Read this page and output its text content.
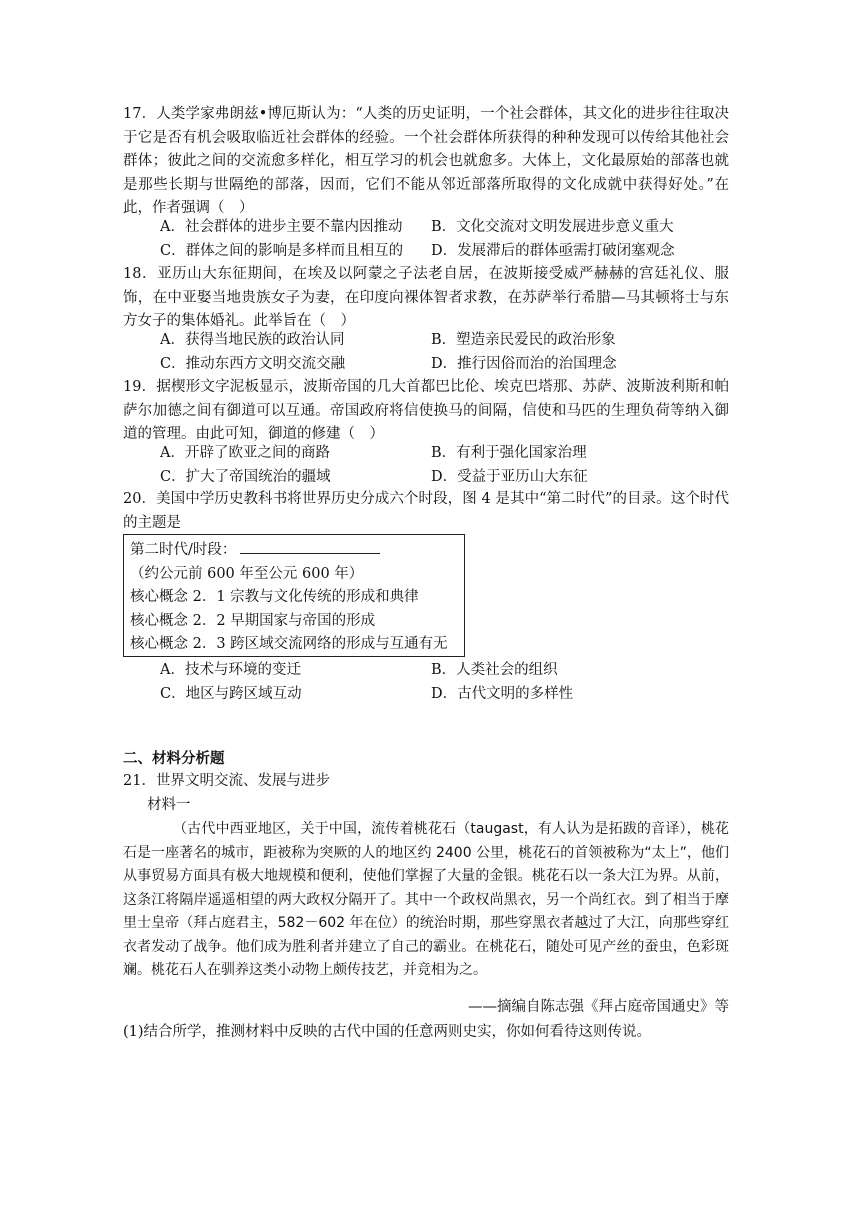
17．人类学家弗朗兹•博厄斯认为：“人类的历史证明，一个社会群体，其文化的进步往往取决于它是否有机会吸取临近社会群体的经验。一个社会群体所获得的种种发现可以传给其他社会群体；彼此之间的交流愈多样化，相互学习的机会也就愈多。大体上，文化最原始的部落也就是那些长期与世隔绝的部落，因而，它们不能从邻近部落所取得的文化成就中获得好处。”在此，作者强调（　）

A．社会群体的进步主要不靠内因推动 B．文化交流对文明发展进步意义重大
C．群体之间的影响是多样而且相互的 D．发展滞后的群体亟需打破闭塞观念

18．亚历山大东征期间，在埃及以阿蒙之子法老自居，在波斯接受威严赫赫的宫廷礼仪、服饰，在中亚娶当地贵族女子为妻，在印度向裸体智者求教，在苏萨举行希腊—马其顿将士与东方女子的集体婚礼。此举旨在（　）

A．获得当地民族的政治认同	B．塑造亲民爱民的政治形象
C．推动东西方文明交流交融	D．推行因俗而治的治国理念

19．据楔形文字泥板显示，波斯帝国的几大首都巴比伦、埃克巴塔那、苏萨、波斯波利斯和帕萨尔加德之间有御道可以互通。帝国政府将信使换马的间隔，信使和马匹的生理负荷等纳入御道的管理。由此可知，御道的修建（　）

A．开辟了欧亚之间的商路	B．有利于强化国家治理
C．扩大了帝国统治的疆域	D．受益于亚历山大东征

20．美国中学历史教科书将世界历史分成六个时段，图 4 是其中“第二时代”的目录。这个时代的主题是

第二时代/时段：
（约公元前 600 年至公元 600 年）
核心概念 2．1 宗教与文化传统的形成和典律
核心概念 2．2 早期国家与帝国的形成
核心概念 2．3 跨区域交流网络的形成与互通有无
A．技术与环境的变迁	B．人类社会的组织
C．地区与跨区域互动	D．古代文明的多样性
二、材料分析题
21．世界文明交流、发展与进步
材料一
（古代中西亚地区，关于中国，流传着桃花石（taugast，有人认为是拓跋的音译），桃花石是一座著名的城市，距被称为突厥的人的地区约 2400 公里，桃花石的首领被称为“太上”，他们从事贸易方面具有极大地规模和便利，使他们掌握了大量的金银。桃花石以一条大江为界。从前，这条江将隔岸遥遥相望的两大政权分隔开了。其中一个政权尚黑衣，另一个尚红衣。到了相当于摩里士皇帝（拜占庭君主，582－602 年在位）的统治时期，那些穿黑衣者越过了大江，向那些穿红衣者发动了战争。他们成为胜利者并建立了自己的霸业。在桃花石，随处可见产丝的蚕虫，色彩斑斓。桃花石人在驯养这类小动物上颇传技艺，并竞相为之。
——摘编自陈志强《拜占庭帝国通史》等
(1)结合所学，推测材料中反映的古代中国的任意两则史实，你如何看待这则传说。
